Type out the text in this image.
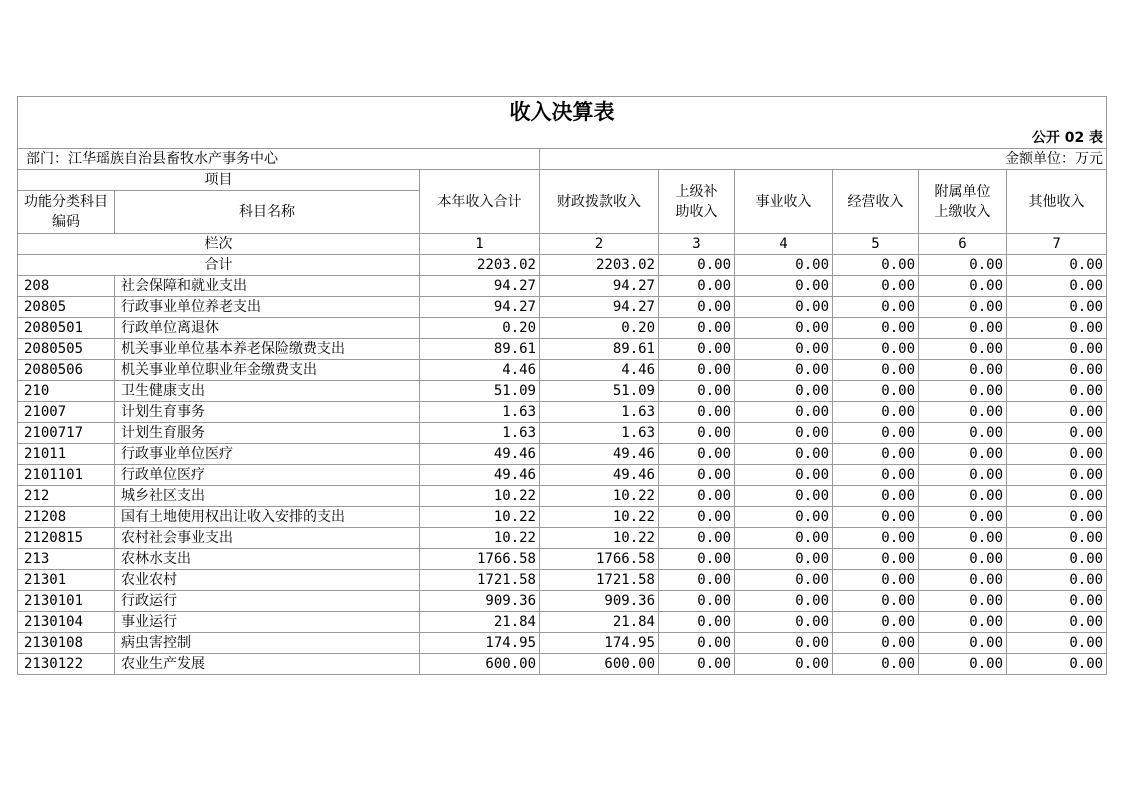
收入决算表								
公开 02 表								
部门：江华瑶族自治县畜牧水产事务中心			金额单位：万元					
项目		本年收入合计	财政拨款收入	上级补助收入	事业收入	经营收入	附属单位上缴收入	其他收入
功能分类科目编码	科目名称							
栏次		1	2	3	4	5	6	7
合计		2203.02	2203.02	0.00	0.00	0.00	0.00	0.00
208	社会保障和就业支出	94.27	94.27	0.00	0.00	0.00	0.00	0.00
20805	行政事业单位养老支出	94.27	94.27	0.00	0.00	0.00	0.00	0.00
2080501	行政单位离退休	0.20	0.20	0.00	0.00	0.00	0.00	0.00
2080505	机关事业单位基本养老保险缴费支出	89.61	89.61	0.00	0.00	0.00	0.00	0.00
2080506	机关事业单位职业年金缴费支出	4.46	4.46	0.00	0.00	0.00	0.00	0.00
210	卫生健康支出	51.09	51.09	0.00	0.00	0.00	0.00	0.00
21007	计划生育事务	1.63	1.63	0.00	0.00	0.00	0.00	0.00
2100717	计划生育服务	1.63	1.63	0.00	0.00	0.00	0.00	0.00
21011	行政事业单位医疗	49.46	49.46	0.00	0.00	0.00	0.00	0.00
2101101	行政单位医疗	49.46	49.46	0.00	0.00	0.00	0.00	0.00
212	城乡社区支出	10.22	10.22	0.00	0.00	0.00	0.00	0.00
21208	国有土地使用权出让收入安排的支出	10.22	10.22	0.00	0.00	0.00	0.00	0.00
2120815	农村社会事业支出	10.22	10.22	0.00	0.00	0.00	0.00	0.00
213	农林水支出	1766.58	1766.58	0.00	0.00	0.00	0.00	0.00
21301	农业农村	1721.58	1721.58	0.00	0.00	0.00	0.00	0.00
2130101	行政运行	909.36	909.36	0.00	0.00	0.00	0.00	0.00
2130104	事业运行	21.84	21.84	0.00	0.00	0.00	0.00	0.00
2130108	病虫害控制	174.95	174.95	0.00	0.00	0.00	0.00	0.00
2130122	农业生产发展	600.00	600.00	0.00	0.00	0.00	0.00	0.00
